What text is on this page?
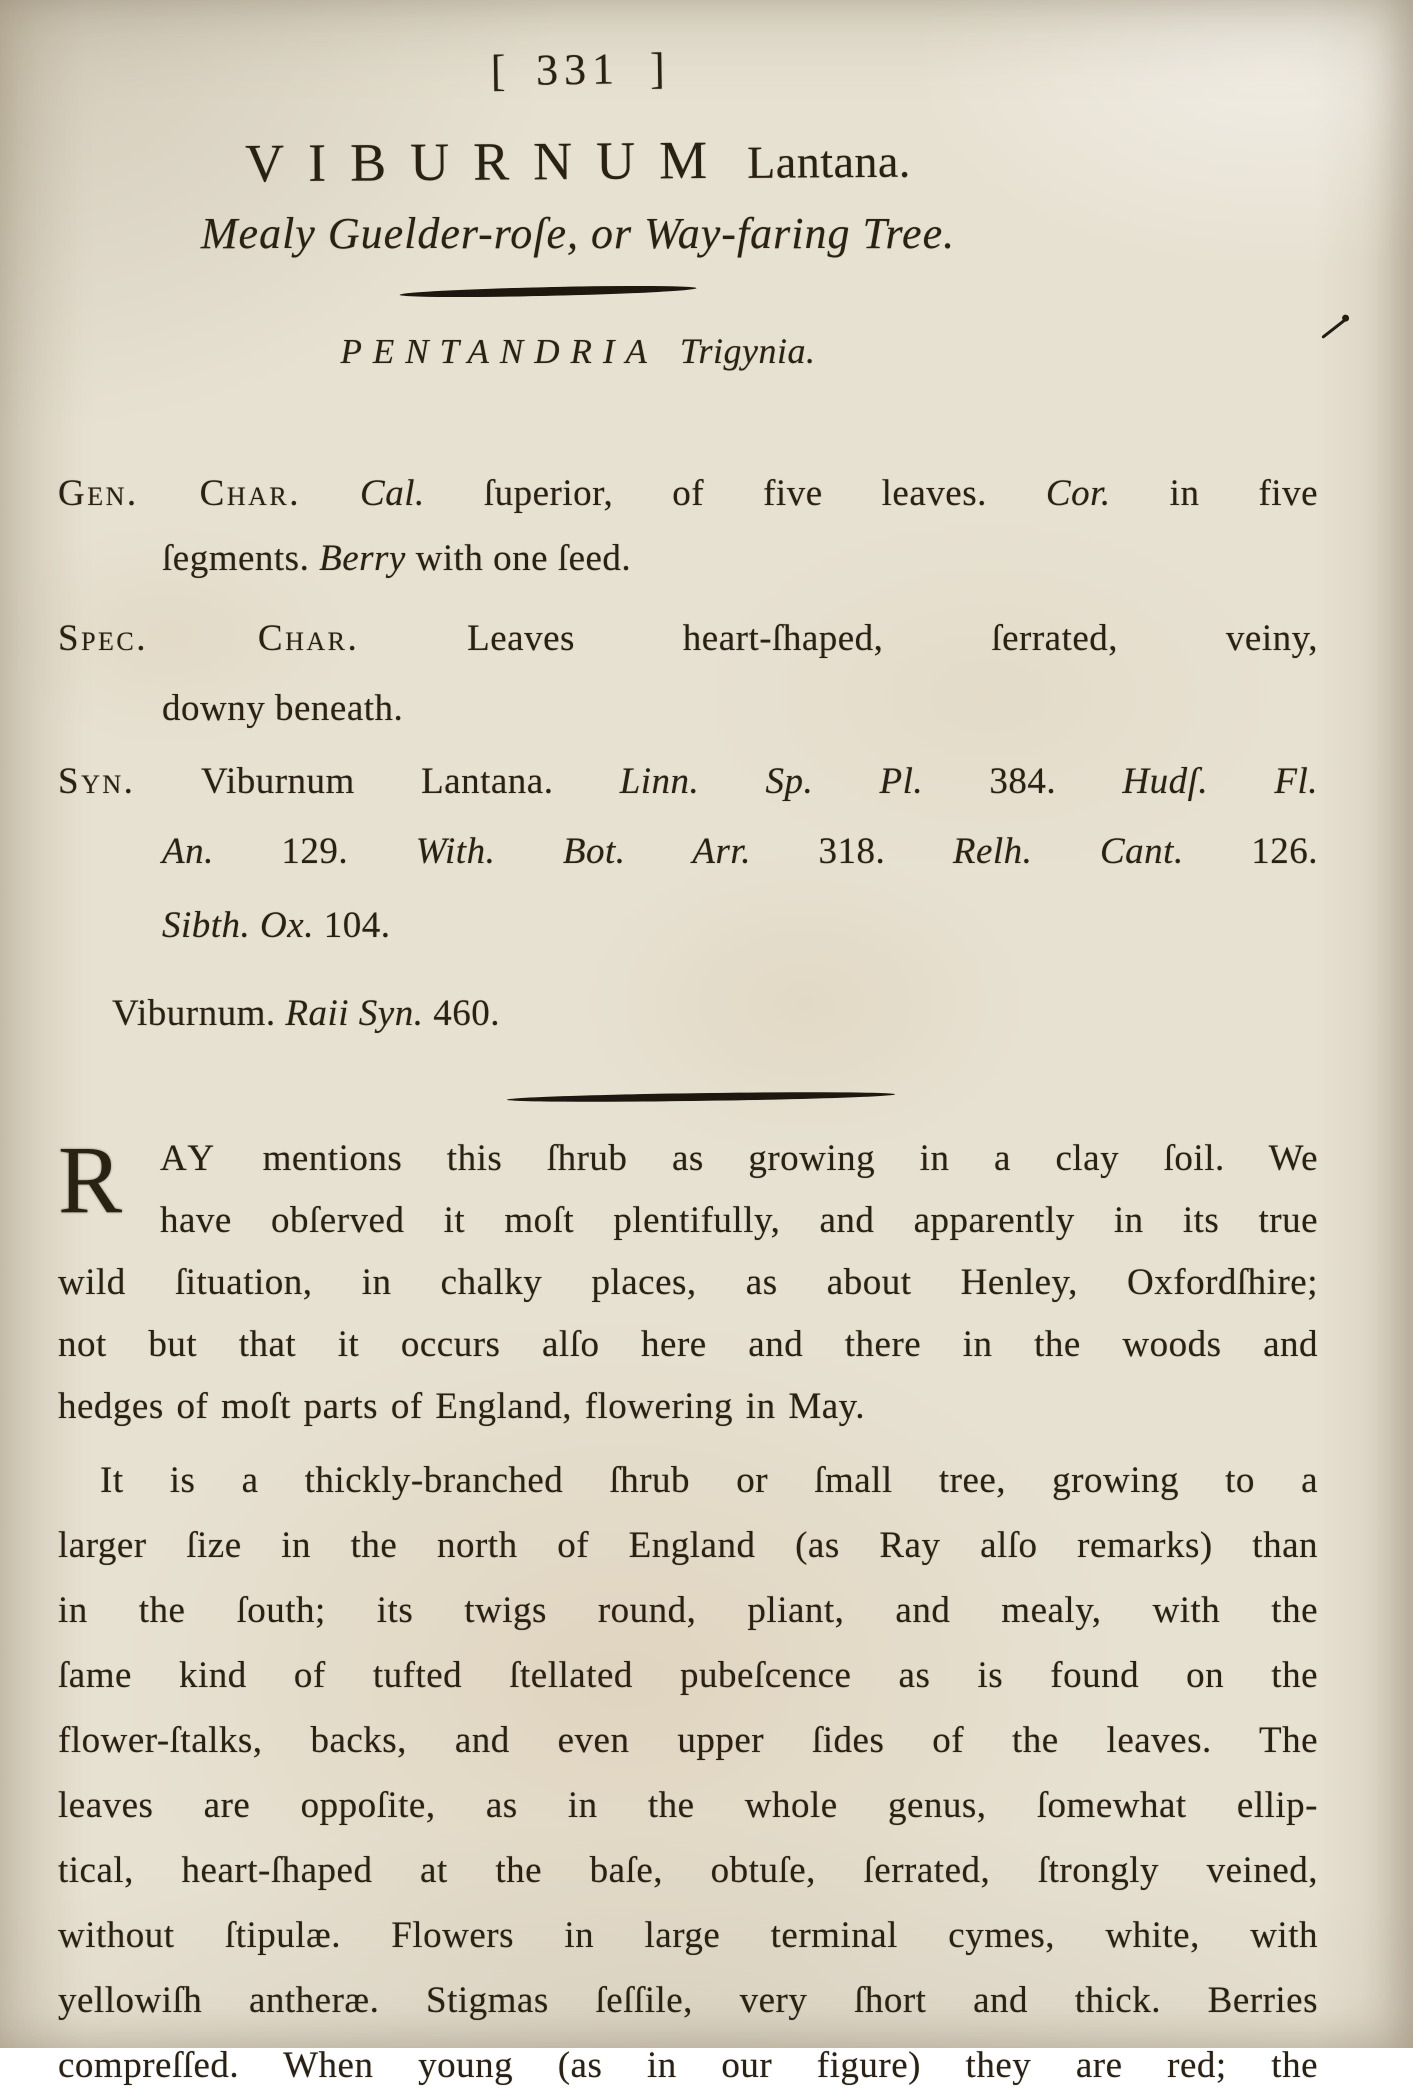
[ 331 ]
VIBURNUM Lantana.
Mealy Guelder-roſe, or Way-faring Tree.
PENTANDRIA Trigynia.
Gen. Char. Cal. ſuperior, of five leaves. Cor. in five
ſegments. Berry with one ſeed.
Spec. Char. Leaves heart-ſhaped, ſerrated, veiny,
downy beneath.
Syn. Viburnum Lantana. Linn. Sp. Pl. 384. Hudſ. Fl.
An. 129. With. Bot. Arr. 318. Relh. Cant. 126.
Sibth. Ox. 104.
Viburnum. Raii Syn. 460.
R	AY mentions this ſhrub as growing in a clay ſoil. We
have obſerved it moſt plentifully, and apparently in its true
wild ſituation, in chalky places, as about Henley, Oxfordſhire;
not but that it occurs alſo here and there in the woods and
hedges of moſt parts of England, flowering in May.
It is a thickly-branched ſhrub or ſmall tree, growing to a
larger ſize in the north of England (as Ray alſo remarks) than
in the ſouth; its twigs round, pliant, and mealy, with the
ſame kind of tufted ſtellated pubeſcence as is found on the
flower-ſtalks, backs, and even upper ſides of the leaves. The
leaves are oppoſite, as in the whole genus, ſomewhat ellip-
tical, heart-ſhaped at the baſe, obtuſe, ſerrated, ſtrongly veined,
without ſtipulæ. Flowers in large terminal cymes, white, with
yellowiſh antheræ. Stigmas ſeſſile, very ſhort and thick. Berries
compreſſed. When young (as in our figure) they are red; the
